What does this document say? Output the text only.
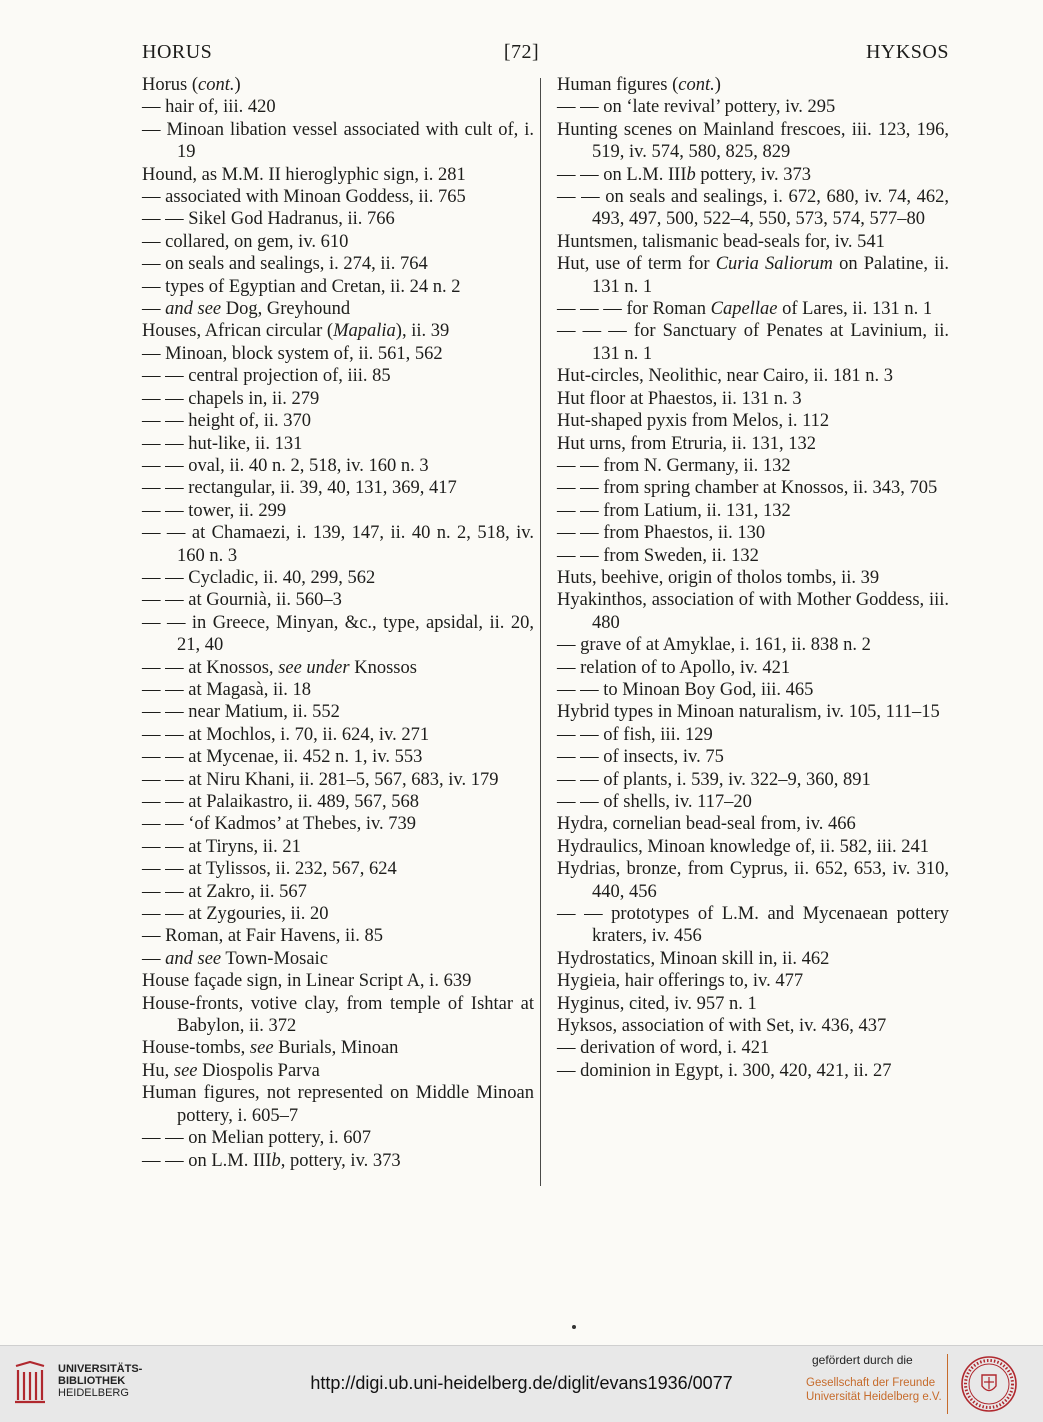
HORUS	[72]	HYKSOS
Horus (cont.)
— hair of, iii. 420
— Minoan libation vessel associated with cult of, i. 19
Hound, as M.M. II hieroglyphic sign, i. 281
— associated with Minoan Goddess, ii. 765
— — Sikel God Hadranus, ii. 766
— collared, on gem, iv. 610
— on seals and sealings, i. 274, ii. 764
— types of Egyptian and Cretan, ii. 24 n. 2
— and see Dog, Greyhound
Houses, African circular (Mapalia), ii. 39
— Minoan, block system of, ii. 561, 562
— — central projection of, iii. 85
— — chapels in, ii. 279
— — height of, ii. 370
— — hut-like, ii. 131
— — oval, ii. 40 n. 2, 518, iv. 160 n. 3
— — rectangular, ii. 39, 40, 131, 369, 417
— — tower, ii. 299
— — at Chamaezi, i. 139, 147, ii. 40 n. 2, 518, iv. 160 n. 3
— — Cycladic, ii. 40, 299, 562
— — at Gournià, ii. 560–3
— — in Greece, Minyan, &c., type, apsidal, ii. 20, 21, 40
— — at Knossos, see under Knossos
— — at Magasà, ii. 18
— — near Matium, ii. 552
— — at Mochlos, i. 70, ii. 624, iv. 271
— — at Mycenae, ii. 452 n. 1, iv. 553
— — at Niru Khani, ii. 281–5, 567, 683, iv. 179
— — at Palaikastro, ii. 489, 567, 568
— — ‘of Kadmos’ at Thebes, iv. 739
— — at Tiryns, ii. 21
— — at Tylissos, ii. 232, 567, 624
— — at Zakro, ii. 567
— — at Zygouries, ii. 20
— Roman, at Fair Havens, ii. 85
— and see Town-Mosaic
House façade sign, in Linear Script A, i. 639
House-fronts, votive clay, from temple of Ishtar at Babylon, ii. 372
House-tombs, see Burials, Minoan
Hu, see Diospolis Parva
Human figures, not represented on Middle Minoan pottery, i. 605–7
— — on Melian pottery, i. 607
— — on L.M. IIIb, pottery, iv. 373
Human figures (cont.)
— — on ‘late revival’ pottery, iv. 295
Hunting scenes on Mainland frescoes, iii. 123, 196, 519, iv. 574, 580, 825, 829
— — on L.M. IIIb pottery, iv. 373
— — on seals and sealings, i. 672, 680, iv. 74, 462, 493, 497, 500, 522–4, 550, 573, 574, 577–80
Huntsmen, talismanic bead-seals for, iv. 541
Hut, use of term for Curia Saliorum on Palatine, ii. 131 n. 1
— — — for Roman Capellae of Lares, ii. 131 n. 1
— — — for Sanctuary of Penates at Lavinium, ii. 131 n. 1
Hut-circles, Neolithic, near Cairo, ii. 181 n. 3
Hut floor at Phaestos, ii. 131 n. 3
Hut-shaped pyxis from Melos, i. 112
Hut urns, from Etruria, ii. 131, 132
— — from N. Germany, ii. 132
— — from spring chamber at Knossos, ii. 343, 705
— — from Latium, ii. 131, 132
— — from Phaestos, ii. 130
— — from Sweden, ii. 132
Huts, beehive, origin of tholos tombs, ii. 39
Hyakinthos, association of with Mother Goddess, iii. 480
— grave of at Amyklae, i. 161, ii. 838 n. 2
— relation of to Apollo, iv. 421
— — to Minoan Boy God, iii. 465
Hybrid types in Minoan naturalism, iv. 105, 111–15
— — of fish, iii. 129
— — of insects, iv. 75
— — of plants, i. 539, iv. 322–9, 360, 891
— — of shells, iv. 117–20
Hydra, cornelian bead-seal from, iv. 466
Hydraulics, Minoan knowledge of, ii. 582, iii. 241
Hydrias, bronze, from Cyprus, ii. 652, 653, iv. 310, 440, 456
— — prototypes of L.M. and Mycenaean pottery kraters, iv. 456
Hydrostatics, Minoan skill in, ii. 462
Hygieia, hair offerings to, iv. 477
Hyginus, cited, iv. 957 n. 1
Hyksos, association of with Set, iv. 436, 437
— derivation of word, i. 421
— dominion in Egypt, i. 300, 420, 421, ii. 27
UNIVERSITÄTS-
BIBLIOTHEK
HEIDELBERG	http://digi.ub.uni-heidelberg.de/diglit/evans1936/0077
gefördert durch die
Gesellschaft der Freunde
Universität Heidelberg e.V.
